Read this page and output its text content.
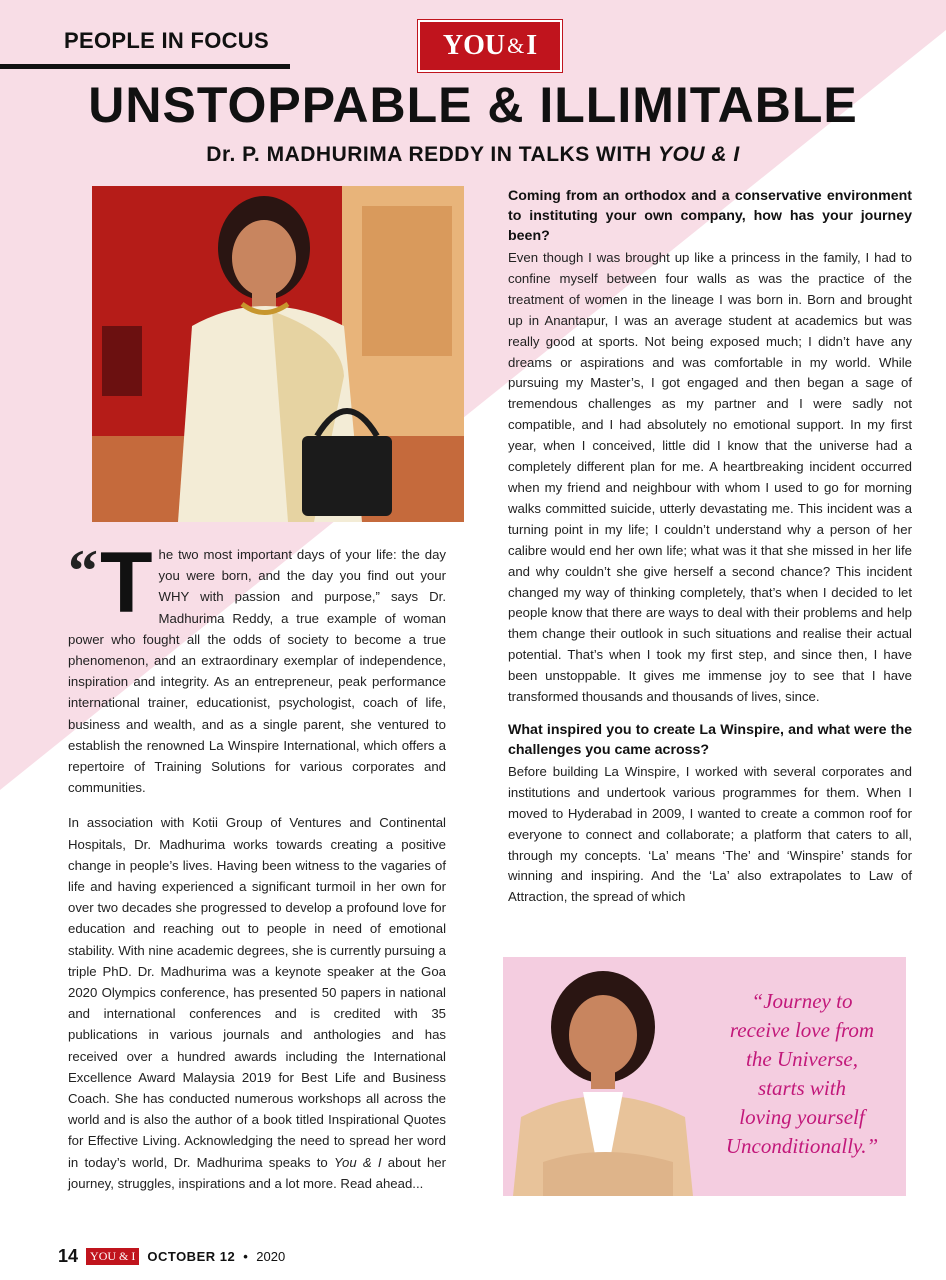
PEOPLE IN FOCUS	YOU & I
UNSTOPPABLE & ILLIMITABLE
Dr. P. MADHURIMA REDDY IN TALKS WITH YOU & I

“ T he two most important days of your life: the day you were born, and the day you find out your WHY with passion and purpose,” says Dr. Madhurima Reddy, a true example of woman power who fought all the odds of society to become a true phenomenon, and an extraordinary exemplar of independence, inspiration and integrity. As an entrepreneur, peak performance international trainer, educationist, psychologist, coach of life, business and wealth, and as a single parent, she ventured to establish the renowned La Winspire International, which offers a repertoire of Training Solutions for various corporates and communities.

In association with Kotii Group of Ventures and Continental Hospitals, Dr. Madhurima works towards creating a positive change in people’s lives. Having been witness to the vagaries of life and having experienced a significant turmoil in her own for over two decades she progressed to develop a profound love for education and reaching out to people in need of emotional stability. With nine academic degrees, she is currently pursuing a triple PhD. Dr. Madhurima was a keynote speaker at the Goa 2020 Olympics conference, has presented 50 papers in national and international conferences and is credited with 35 publications in various journals and anthologies and has received over a hundred awards including the International Excellence Award Malaysia 2019 for Best Life and Business Coach. She has conducted numerous workshops all across the world and is also the author of a book titled Inspirational Quotes for Effective Living. Acknowledging the need to spread her word in today’s world, Dr. Madhurima speaks to You & I about her journey, struggles, inspirations and a lot more. Read ahead...

Coming from an orthodox and a conservative environment to instituting your own company, how has your journey been?

Even though I was brought up like a princess in the family, I had to confine myself between four walls as was the practice of the treatment of women in the lineage I was born in. Born and brought up in Anantapur, I was an average student at academics but was really good at sports. Not being exposed much; I didn’t have any dreams or aspirations and was comfortable in my world. While pursuing my Master’s, I got engaged and then began a sage of tremendous challenges as my partner and I were sadly not compatible, and I had absolutely no emotional support. In my first year, when I conceived, little did I know that the universe had a completely different plan for me. A heartbreaking incident occurred when my friend and neighbour with whom I used to go for morning walks committed suicide, utterly devastating me. This incident was a turning point in my life; I couldn’t understand why a person of her calibre would end her own life; what was it that she missed in her life and why couldn’t she give herself a second chance? This incident changed my way of thinking completely, that’s when I decided to let people know that there are ways to deal with their problems and help them change their outlook in such situations and realise their actual potential. That’s when I took my first step, and since then, I have been unstoppable. It gives me immense joy to see that I have transformed thousands and thousands of lives, since.

What inspired you to create La Winspire, and what were the challenges you came across?

Before building La Winspire, I worked with several corporates and institutions and undertook various programmes for them. When I moved to Hyderabad in 2009, I wanted to create a common roof for everyone to connect and collaborate; a platform that caters to all, through my concepts. ‘La’ means ‘The’ and ‘Winspire’ stands for winning and inspiring. And the ‘La’ also extrapolates to Law of Attraction, the spread of which

“Journey to
receive love from
the Universe,
starts with
loving yourself
Unconditionally.”
14	YOU & I OCTOBER 12 • 2020
